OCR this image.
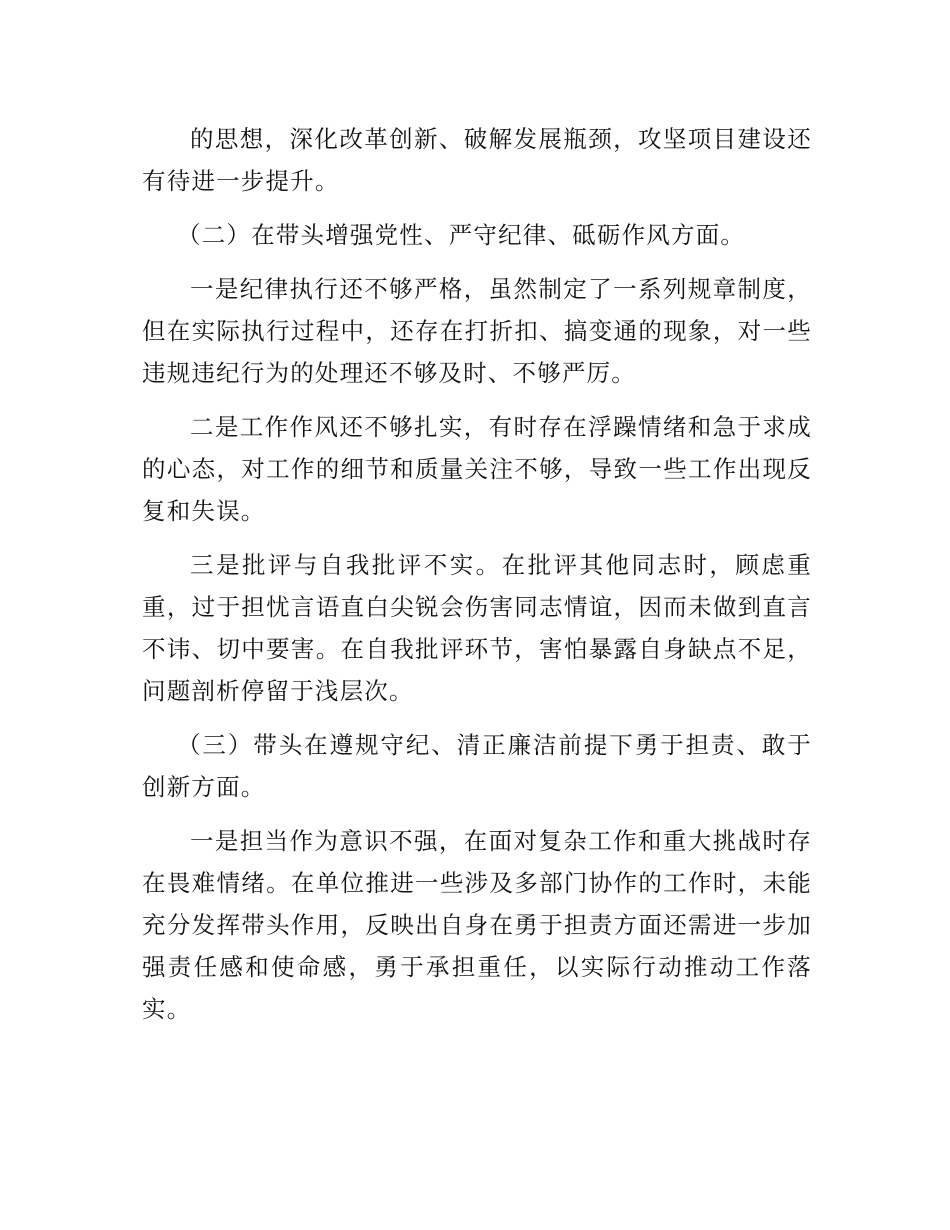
的思想，深化改革创新、破解发展瓶颈，攻坚项目建设还有待进一步提升。

（二）在带头增强党性、严守纪律、砥砺作风方面。

一是纪律执行还不够严格，虽然制定了一系列规章制度，但在实际执行过程中，还存在打折扣、搞变通的现象，对一些违规违纪行为的处理还不够及时、不够严厉。

二是工作作风还不够扎实，有时存在浮躁情绪和急于求成的心态，对工作的细节和质量关注不够，导致一些工作出现反复和失误。

三是批评与自我批评不实。在批评其他同志时，顾虑重重，过于担忧言语直白尖锐会伤害同志情谊，因而未做到直言不讳、切中要害。在自我批评环节，害怕暴露自身缺点不足，问题剖析停留于浅层次。

（三）带头在遵规守纪、清正廉洁前提下勇于担责、敢于创新方面。

一是担当作为意识不强，在面对复杂工作和重大挑战时存在畏难情绪。在单位推进一些涉及多部门协作的工作时，未能充分发挥带头作用，反映出自身在勇于担责方面还需进一步加强责任感和使命感，勇于承担重任，以实际行动推动工作落实。
